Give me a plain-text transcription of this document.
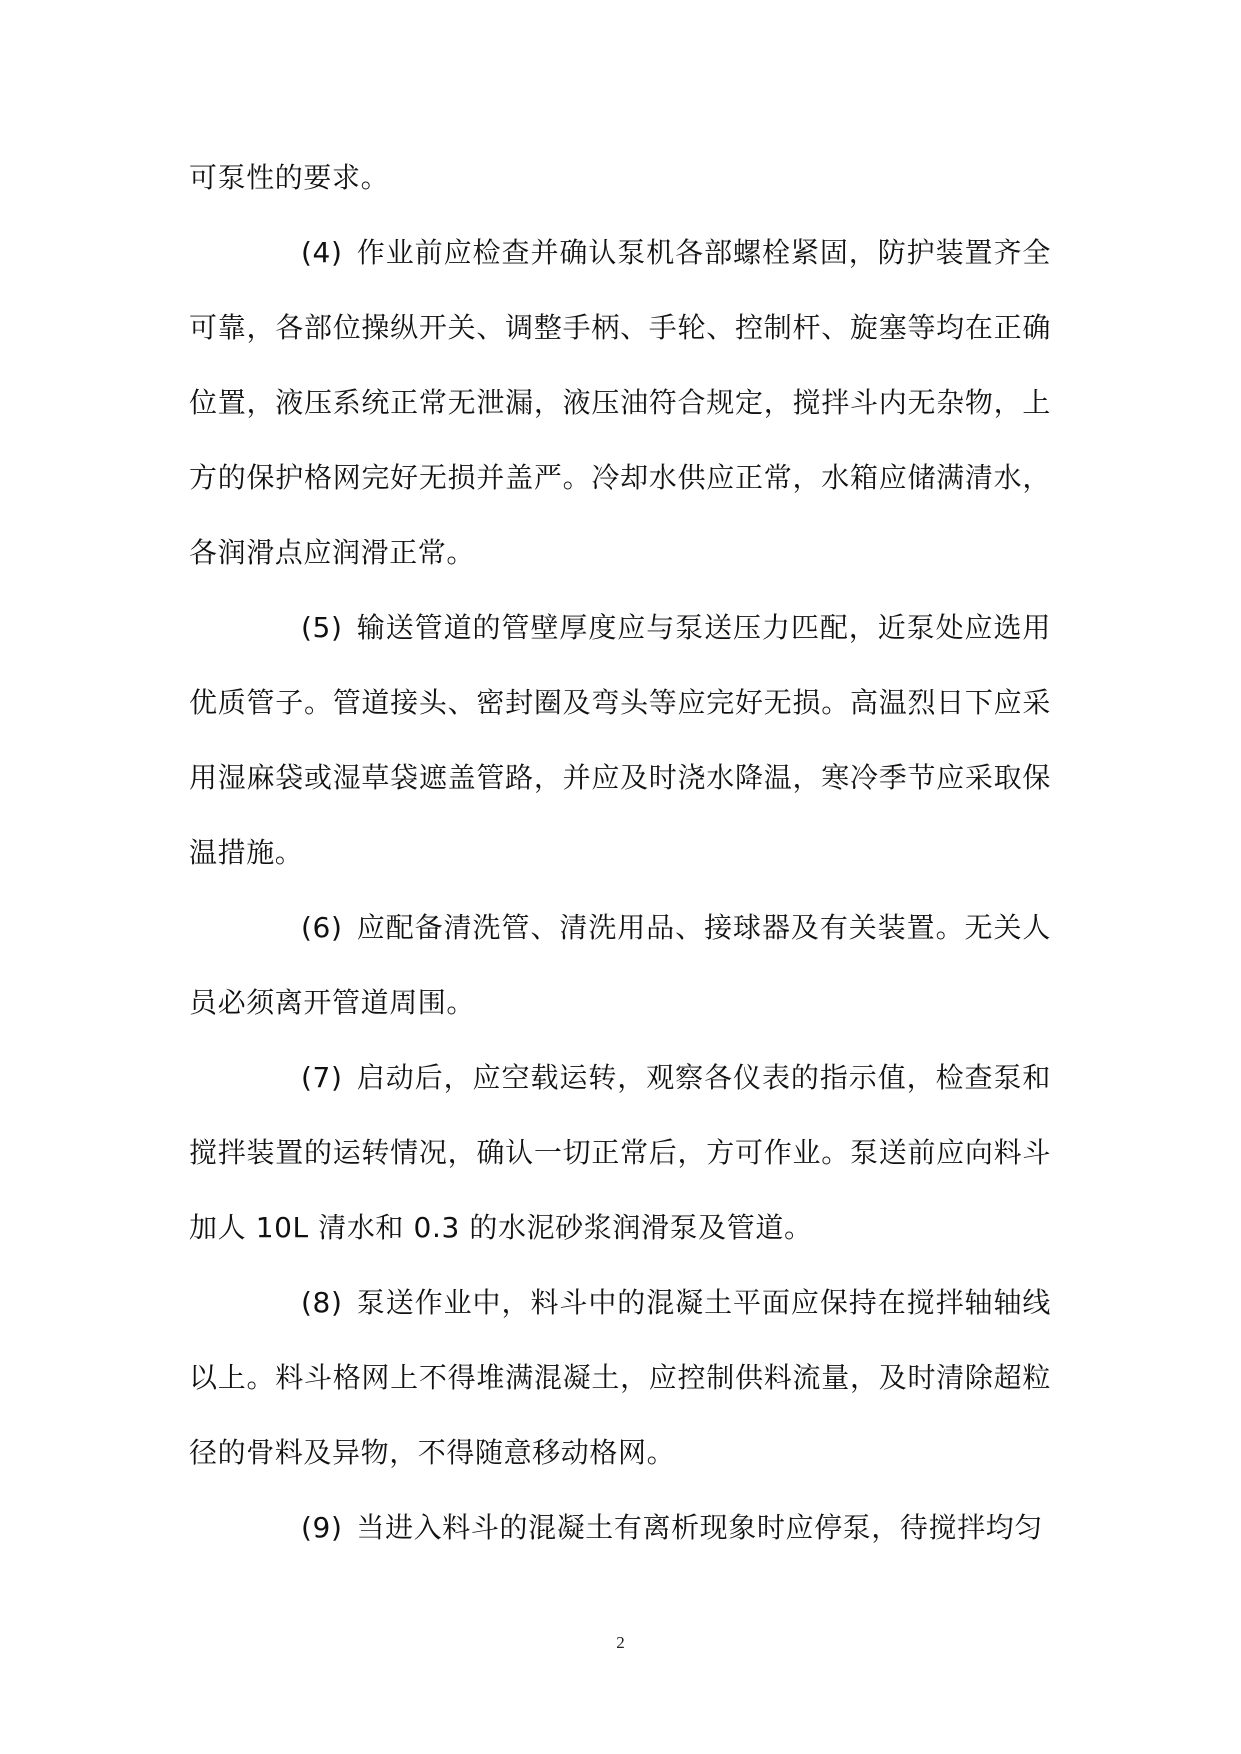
可泵性的要求。

(4) 作业前应检查并确认泵机各部螺栓紧固，防护装置齐全可靠，各部位操纵开关、调整手柄、手轮、控制杆、旋塞等均在正确位置，液压系统正常无泄漏，液压油符合规定，搅拌斗内无杂物，上方的保护格网完好无损并盖严。冷却水供应正常，水箱应储满清水，各润滑点应润滑正常。

(5) 输送管道的管壁厚度应与泵送压力匹配，近泵处应选用优质管子。管道接头、密封圈及弯头等应完好无损。高温烈日下应采用湿麻袋或湿草袋遮盖管路，并应及时浇水降温，寒冷季节应采取保温措施。

(6) 应配备清洗管、清洗用品、接球器及有关装置。无关人员必须离开管道周围。

(7) 启动后，应空载运转，观察各仪表的指示值，检查泵和搅拌装置的运转情况，确认一切正常后，方可作业。泵送前应向料斗加人 10L 清水和 0.3 的水泥砂浆润滑泵及管道。

(8) 泵送作业中，料斗中的混凝土平面应保持在搅拌轴轴线以上。料斗格网上不得堆满混凝土，应控制供料流量，及时清除超粒径的骨料及异物，不得随意移动格网。

(9) 当进入料斗的混凝土有离析现象时应停泵，待搅拌均匀

2
